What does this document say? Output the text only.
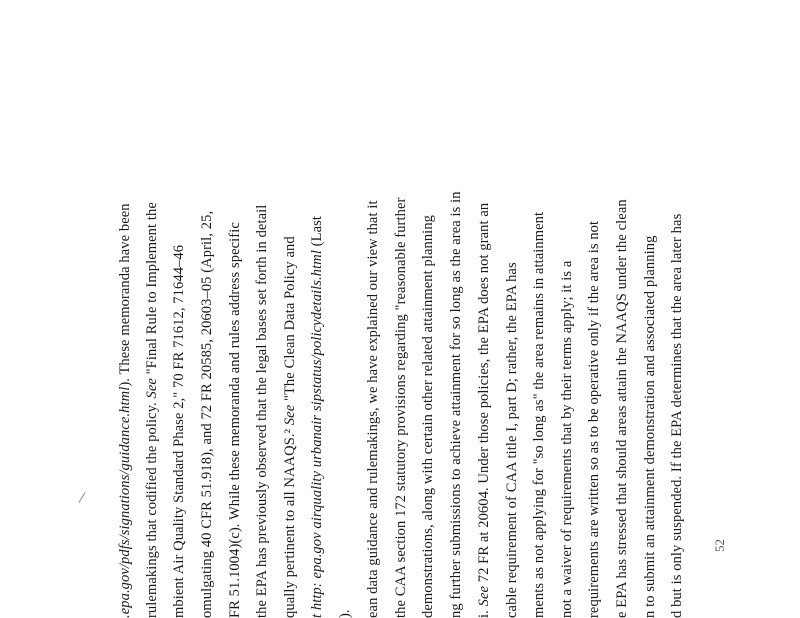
.epa.gov/pdfs/signations/guidance.html). These memoranda have been
rulemakings that codified the policy. See "Final Rule to Implement the mbient Air Quality Standard Phase 2," 70 FR 71612, 71644–46 omulgating 40 CFR 51.918), and 72 FR 20585, 20603–05 (April, 25, FR 51.1004)(c). While these memoranda and rules address specific the EPA has previously observed that the legal bases set forth in detail qually pertinent to all NAAQS.² See "The Clean Data Policy and t http: epa.gov airquality urbanair sipstatus/policydetails.html (Last
). ean data guidance and rulemakings, we have explained our view that it the CAA section 172 statutory provisions regarding "reasonable further demonstrations, along with certain other related attainment planning ng further submissions to achieve attainment for so long as the area is in i. See 72 FR at 20604. Under those policies, the EPA does not grant an cable requirement of CAA title I, part D; rather, the EPA has ments as not applying for "so long as" the area remains in attainment not a waiver of requirements that by their terms apply; it is a requirements are written so as to be operative only if the area is not e EPA has stressed that should areas attain the NAAQS under the clean n to submit an attainment demonstration and associated planning d but is only suspended. If the EPA determines that the area later has 52
